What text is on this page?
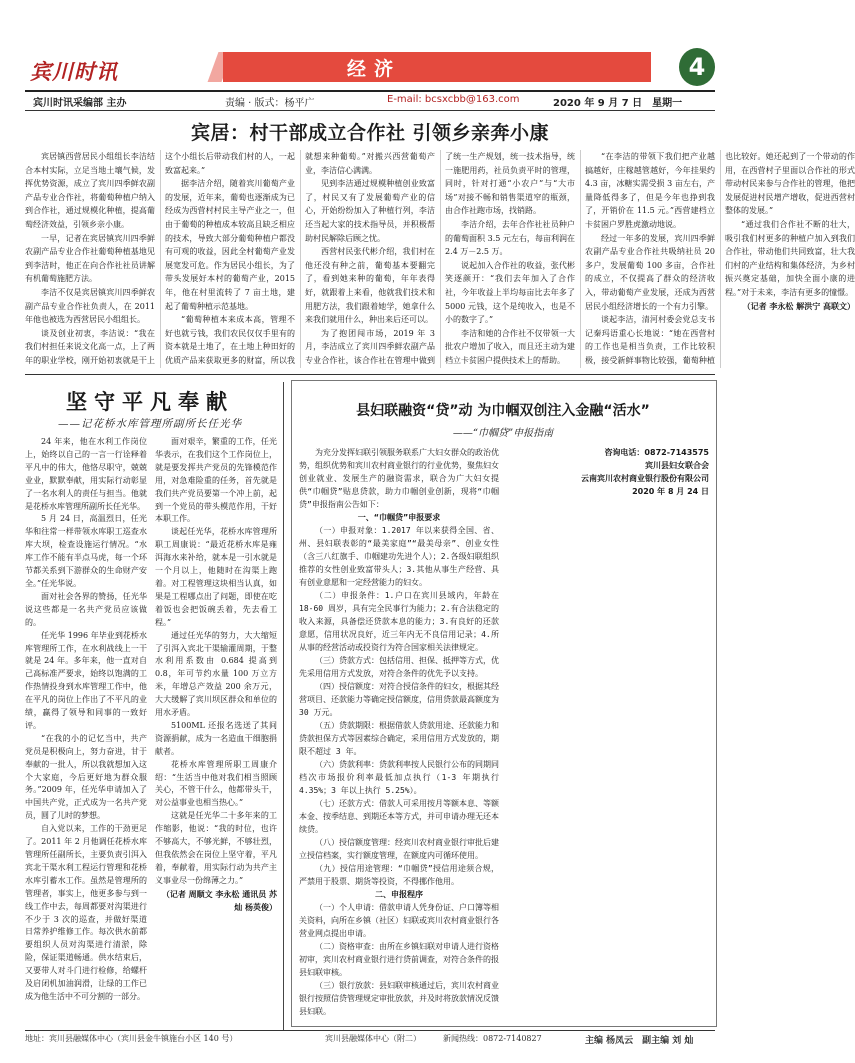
宾川时讯	经济	4
宾川时讯采编部 主办	责编 · 版式：杨平广	E-mail: bcsxcbb@163.com	2020 年 9 月 7 日　星期一
宾居：村干部成立合作社 引领乡亲奔小康

宾居镇西营居民小组组长李洁结合本村实际，立足当地土壤气候，发挥优势资源，成立了宾川四季鲜农副产品专业合作社，将葡萄种植户纳入到合作社，通过规模化种植，提高葡萄经济效益，引领乡亲小康。

一早，记者在宾居镇宾川四季鲜农副产品专业合作社葡萄种植基地见到李洁时，他正在向合作社社员讲解有机葡萄施肥方法。

李洁不仅是宾居镇宾川四季鲜农副产品专业合作社负责人，在 2011 年他也被选为西营居民小组组长。

谈及创业初衷，李洁说：“我在我们村担任来说文化高一点，上了两年的职业学校，刚开始初衷就是干上这个小组长后带动我们村的人，一起致富起来。”

据李洁介绍，随着宾川葡萄产业的发展，近年来，葡萄也逐渐成为已经成为西营村村民主导产业之一，但由于葡萄的种植成本较高且缺乏相应的技术，导致大部分葡萄种植户都没有可观的收益，因此全村葡萄产业发展宽发可危。作为居民小组长，为了带头发展好本村的葡萄产业，2015 年，他在村里流转了 7 亩土地，建起了葡萄种植示范基地。

“葡萄种植本来成本高，管理不好也就亏钱，我们农民仅仅手里有的资本就是土地了，在土地上种田好的优质产品来获取更多的财富，所以我就想来种葡萄。”对搬兴西营葡萄产业，李洁信心满满。

见到李洁通过规模种植创业致富了，村民又有了发展葡萄产业的信心，开始纷纷加入了种植行列，李洁还当起大家的技术指导员，并积极帮助村民解除后顾之忧。

西营村民张代彬介绍，我们村在他还没有种之前，葡萄基本要翻完了，看到她来种的葡萄，年年表得好，就跟着上来看，他就我们技术和用肥方法，我们跟着她学，她拿什么来我们就用什么，种出来后还可以。

为了抱团闯市场，2019 年 3 月，李洁成立了宾川四季鲜农副产品专业合作社，该合作社在管理中做到了统一生产规划，统一技术指导，统一施肥用药，社员负责平时的管理，同时，针对打通“小农户”与“大市场”对接不畅和销售渠道窄的瓶颈，由合作社跑市场，找销路。

李洁介绍，去年合作社社员种户的葡萄面积 3.5 元左右，每亩利润在 2.4 万－2.5 万。

说起加入合作社的收益，张代彬笑逐颜开：“我们去年加入了合作社，今年收益上半均每亩比去年多了 5000 元钱，这个是纯收入，也是不小的数字了。”

李洁和她的合作社不仅带领一大批农户增加了收入，而且还主动为建档立卡贫困户提供技术上的帮助。

“在李洁的带领下我们把产业越搞越好，庄稼越管越好，今年挂果约 4.3 亩，冰糖实需受损 3 亩左右，产量降低得多了，但是今年也挣到我了，开销价在 11.5 元。”西营建档立卡贫困户罗胜虎激动地说。

经过一年多的发展，宾川四季鲜农副产品专业合作社共吸纳社员 20 多户，发展葡萄 100 多亩，合作社的成立，不仅提高了群众的经济收入，带动葡萄产业发展，还成为西营居民小组经济增长的一个有力引擎。

谈起李洁，清河村委会党总支书记秦玛语重心长地说：“她在西营村的工作也是相当负责，工作比较积极，接受新鲜事物比较强，葡萄种植也比较好。她还起到了一个带动的作用，在西营村子里面以合作社的形式带动村民来参与合作社的管理，他把发展促进村民增产增收，促进西营村整体的发展。”

“通过我们合作社不断的壮大，吸引我们村更多的种植户加入到我们合作社，带动他们共同致富，壮大我们村的产业结构和集体经济，为乡村振兴奠定基础，加快全面小康的进程。”对于未来，李洁有更多的憧憬。

（记者 李永松 解洪宁 高联文）

坚守平凡奉献
——记花桥水库管理所副所长任光华

24 年来，他在水利工作岗位上，始终以自己的一言一行诠释着平凡中的伟大，他恪尽职守，兢兢业业，默默奉献，用实际行动彰显了一名水利人的责任与担当。他就是花桥水库管理所副所长任光华。

5 月 24 日，高温烈日，任光华和往常一样带领水库职工巡查水库大坝，检查设施运行情况。“水库工作不能有半点马虎，每一个环节都关系到下游群众的生命财产安全。”任光华说。

面对社会各界的赞扬，任光华说这些都是一名共产党员应该做的。

任光华 1996 年毕业到花桥水库管理所工作，在水利战线上一干就是 24 年。多年来，他一直对自己高标准严要求，始终以饱满的工作热情投身到水库管理工作中，他在平凡的岗位上作出了不平凡的业绩，赢得了领导和同事的一致好评。

“在我的小的记忆当中，共产党员是积极向上，努力奋进，甘于奉献的一批人，所以我就想加入这个大家庭，今后更好地为群众服务。”2009 年，任光华申请加入了中国共产党，正式成为一名共产党员，圆了儿时的梦想。

自入党以来，工作的干劲更足了。2011 年 2 月他调任花桥水库管理所任副所长，主要负责引洱入宾北干渠水利工程运行管理和花桥水库引蓄水工作。虽然是管理所的管理者，事实上，他更多参与到一线工作中去，每周都要对沟渠进行不少于 3 次的巡查，并做好渠道日常养护维修工作。每次供水前都要组织人员对沟渠进行清淤，除险，保证渠道畅通。供水结束后，又要带人对斗门进行检修，给螺杆及启闭机加油润滑，让绿的工作已成为他生活中不可分割的一部分。

面对艰辛，繁重的工作，任光华表示，在我们这个工作岗位上，就是要发挥共产党员的先锋模范作用，对急难险重的任务，首先就是我们共产党员要第一个冲上前，起到一个党员的带头模范作用，干好本职工作。

谈起任光华，花桥水库管理所职工周康说：“最近花桥水库是雍洱海水来补给，就本是一引水就是一个月以上，他随时在沟渠上跑着。对工程管理这块相当认真，如果是工程哪点出了问题，即使在吃着饭也会把饭碗丢着，先去看工程。”

通过任光华的努力，大大缩短了引洱入宾北干渠输灌周期，于整水利用系数由 0.684 提高到 0.8，年可节约水量 100 万立方米，年增总产效益 200 余万元，大大缓解了宾川坝区群众和单位的用水矛盾。

5100ML 还报名选送了其间资源捐献，成为一名造血干细胞捐献者。

花桥水库管理所职工周康介绍：“生活当中他对我们相当照顾关心，不管干什么，他都带头干，对公益事业也相当热心。”

这就是任光华二十多年来的工作缩影，他说：“我的时位，也许不够高大，不够光鲜，不够壮烈，但我依然会在岗位上坚守着，平凡着，奉献着，用实际行动为共产主义事业尽一份绵薄之力。”

（记者 周顺文 李永松 通讯员 苏 灿 杨英俊）

县妇联融资“贷”动 为巾帼双创注入金融“活水”
——“巾帼贷”申报指南

为充分发挥妇联引领服务联系广大妇女群众的政治优势，组织优势和宾川农村商业银行的行业优势，聚焦妇女创业就业、发展生产的融资需求，联合为广大妇女提供“巾帼贷”贴息贷款，助力巾帼创业创新，现将“巾帼贷”申报指南公告如下：

一、“巾帼贷”申报要求

（一）申报对象：1.2017 年以来获得全国、省、州、县妇联表彰的“最美家庭”“最美母亲”、创业女性（含三八红旗手、巾帼建功先进个人）；2.各级妇联组织推荐的女性创业致富带头人；3.其他从事生产经营、具有创业意愿和一定经营能力的妇女。

（二）申报条件：1.户口在宾川县域内，年龄在 18-60 周岁，具有完全民事行为能力；2.有合法稳定的收入来源，具备偿还贷款本息的能力；3.有良好的还款意愿，信用状况良好，近三年内无不良信用记录；4.所从事的经营活动或投资行为符合国家相关法律规定。

（三）贷款方式：包括信用、担保、抵押等方式，优先采用信用方式发放，对符合条件的优先予以支持。

（四）授信额度：对符合授信条件的妇女，根据其经营项目、还款能力等确定授信额度，信用贷款最高额度为 30 万元。

（五）贷款期限：根据借款人贷款用途、还款能力和贷款担保方式等因素综合确定，采用信用方式发放的，期限不超过 3 年。

（六）贷款利率：贷款利率按人民银行公布的同期同档次市场报价利率最低加点执行（1-3 年期执行 4.35%；3 年以上执行 5.25%）。

（七）还款方式：借款人可采用按月等额本息、等额本金、按季结息、到期还本等方式，并可申请办理无还本续贷。

（八）授信额度管理：经宾川农村商业银行审批后建立授信档案，实行额度管理，在额度内可循环使用。

（九）授信用途管理：“巾帼贷”授信用途须合规，严禁用于股票、期货等投资，不得挪作他用。

二、申报程序

（一）个人申请：借款申请人凭身份证、户口簿等相关资料，向所在乡镇（社区）妇联或宾川农村商业银行各营业网点提出申请。

（二）资格审查：由所在乡镇妇联对申请人进行资格初审，宾川农村商业银行进行贷前调查，对符合条件的报县妇联审核。

（三）银行放款：县妇联审核通过后，宾川农村商业银行按照信贷管理规定审批放款，并及时将放款情况反馈县妇联。

咨询电话：0872-7143575

宾川县妇女联合会

云南宾川农村商业银行股份有限公司

2020 年 8 月 24 日

地址：宾川县融媒体中心（宾川县金牛镇施台小区 140 号）	宾川县融媒体中心（附二）	新闻热线：0872-7140827	主编 杨凤云　副主编 刘 灿
